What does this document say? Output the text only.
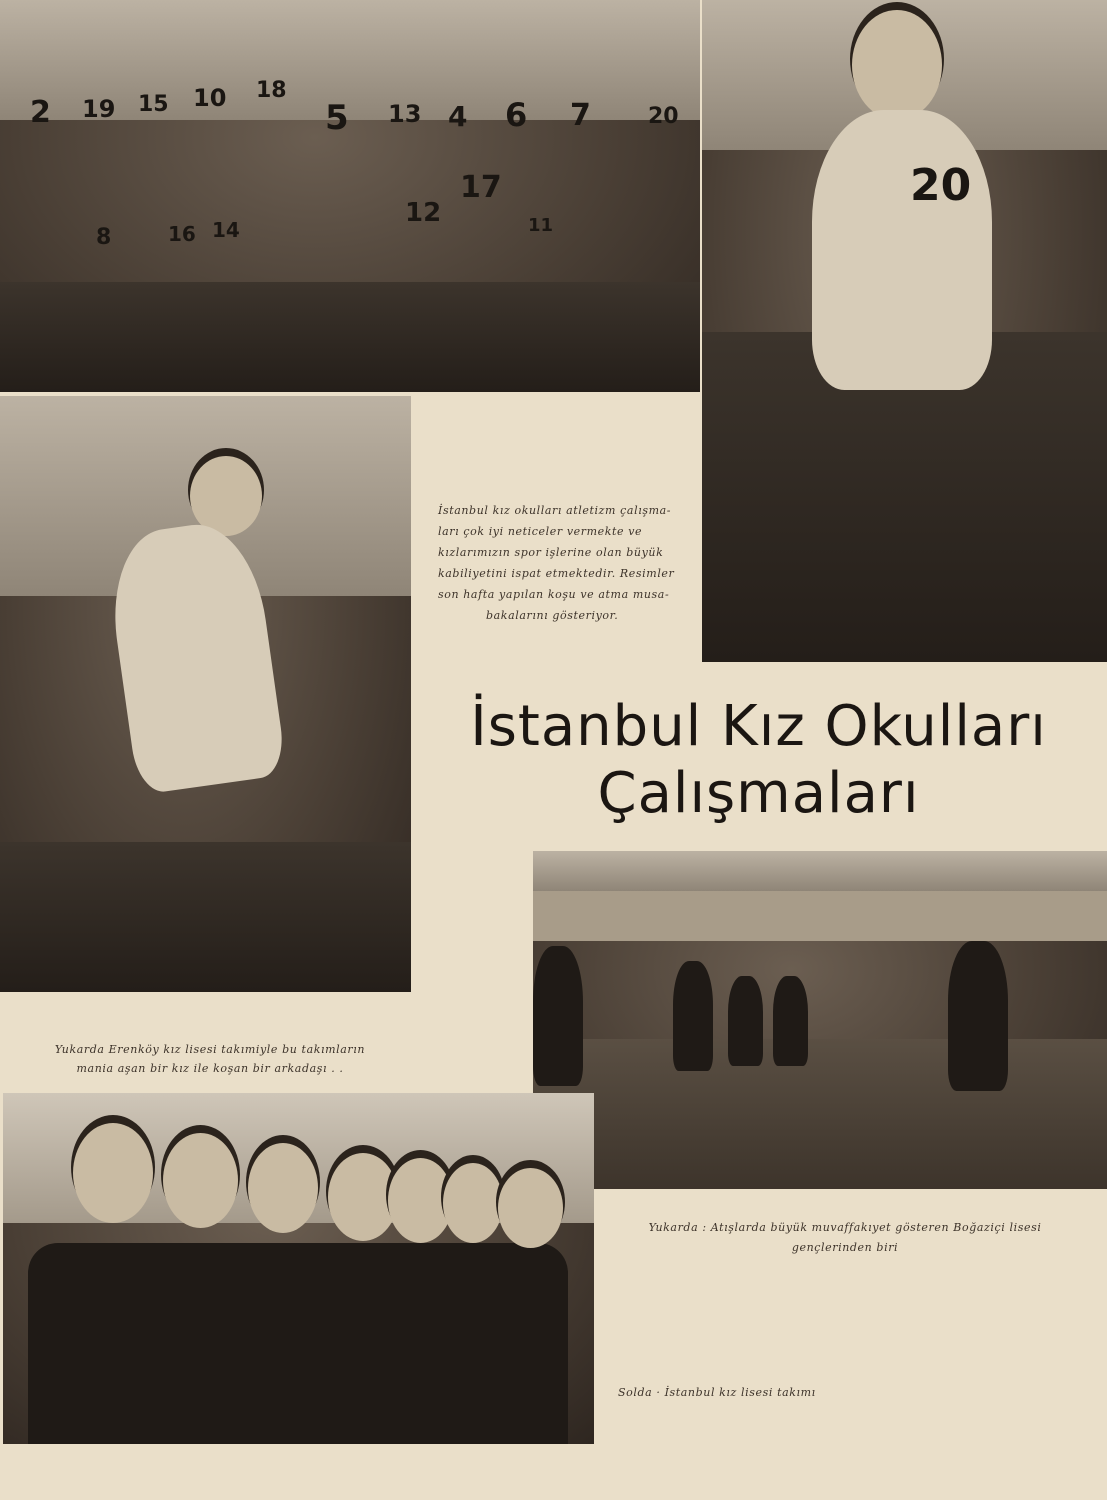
20
İstanbul kız okulları atletizm çalışma-
ları çok iyi neticeler vermekte ve
kızlarımızın spor işlerine olan büyük
kabiliyetini ispat etmektedir. Resimler
son hafta yapılan koşu ve atma musa-
bakalarını gösteriyor.
İstanbul Kız Okulları
Çalışmaları
Yukarda Erenköy kız lisesi takımiyle bu takımların
mania aşan bir kız ile koşan bir arkadaşı . .
Yukarda : Atışlarda büyük muvaffakıyet gösteren Boğaziçi lisesi
gençlerinden biri
Solda · İstanbul kız lisesi takımı
2 19 15 10 18
5 13 4 6 7	20
8	16 14
12
17
11
